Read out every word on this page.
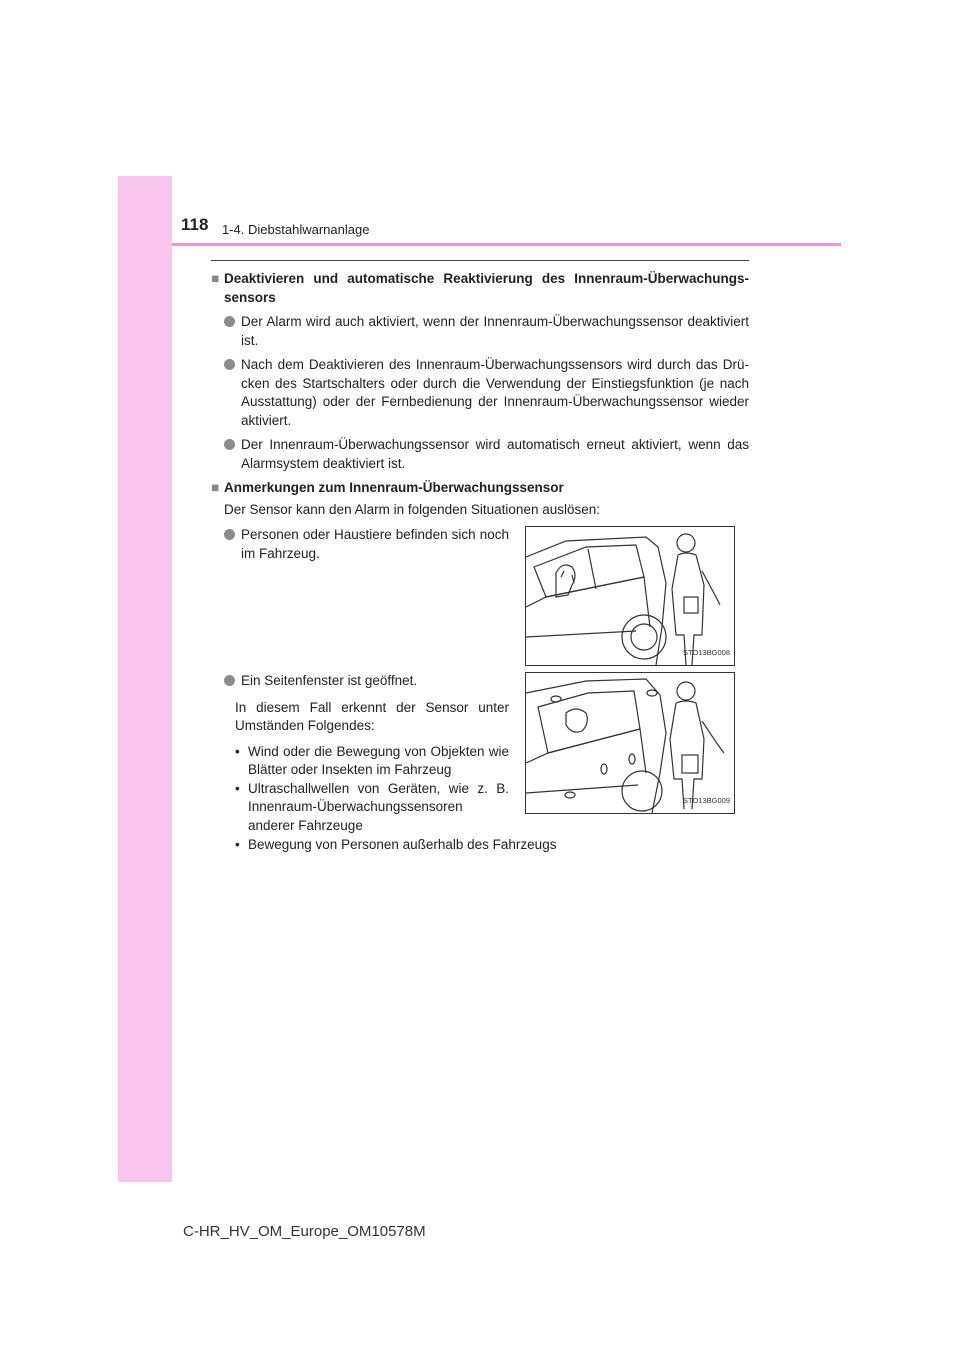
118 1-4. Diebstahlwarnanlage
■ Deaktivieren und automatische Reaktivierung des Innenraum-Überwachungs-sensors
Der Alarm wird auch aktiviert, wenn der Innenraum-Überwachungssensor deaktiviert ist.
Nach dem Deaktivieren des Innenraum-Überwachungssensors wird durch das Drü-cken des Startschalters oder durch die Verwendung der Einstiegsfunktion (je nach Ausstattung) oder der Fernbedienung der Innenraum-Überwachungssensor wieder aktiviert.
Der Innenraum-Überwachungssensor wird automatisch erneut aktiviert, wenn das Alarmsystem deaktiviert ist.
■ Anmerkungen zum Innenraum-Überwachungssensor
Der Sensor kann den Alarm in folgenden Situationen auslösen:
Personen oder Haustiere befinden sich noch im Fahrzeug.
STO13BG008
Ein Seitenfenster ist geöffnet.
In diesem Fall erkennt der Sensor unter Umständen Folgendes:
• Wind oder die Bewegung von Objekten wie Blätter oder Insekten im Fahrzeug
• Ultraschallwellen von Geräten, wie z. B. Innenraum-Überwachungssensoren anderer Fahrzeuge
STO13BG009
• Bewegung von Personen außerhalb des Fahrzeugs
C-HR_HV_OM_Europe_OM10578M
